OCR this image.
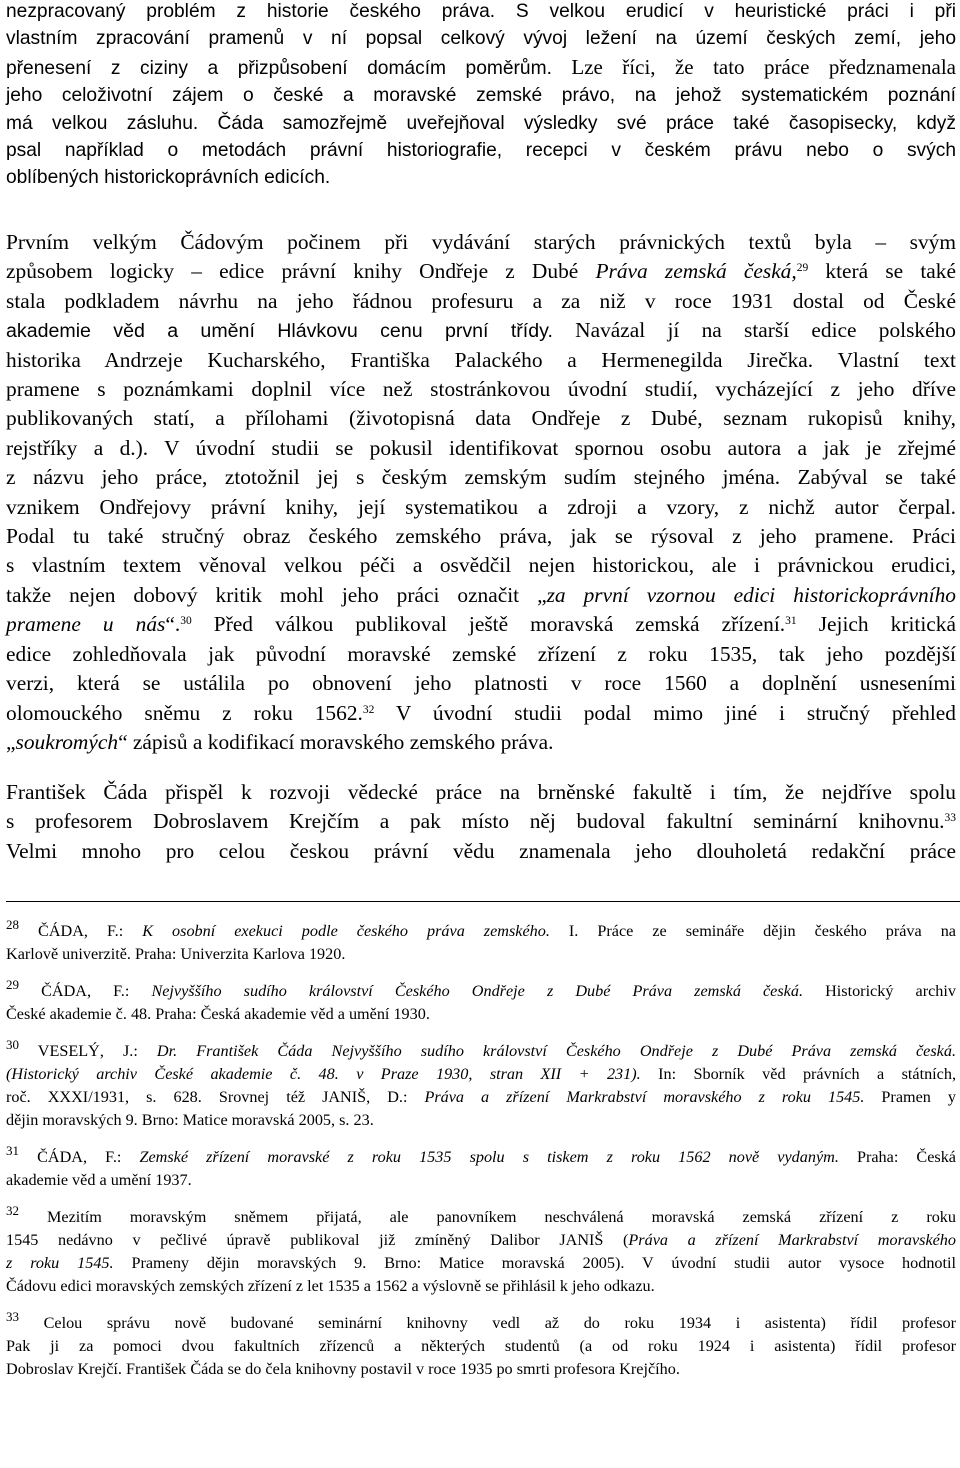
nezpracovaný problém z historie českého práva. S velkou erudicí v heuristické práci i při
vlastním zpracování pramenů v ní popsal celkový vývoj ležení na území českých zemí, jeho
přenesení z ciziny a přizpůsobení domácím poměrům. Lze říci, že tato práce předznamenala
jeho celoživotní zájem o české a moravské zemské právo, na jehož systematickém poznání
má velkou zásluhu. Čáda samozřejmě uveřejňoval výsledky své práce také časopisecky, když
psal například o metodách právní historiografie, recepci v českém právu nebo o svých
oblíbených historickoprávních edicích.
Prvním velkým Čádovým počinem při vydávání starých právnických textů byla – svým
způsobem logicky – edice právní knihy Ondřeje z Dubé Práva zemská česká,$^{29}$ která se také
stala podkladem návrhu na jeho řádnou profesuru a za niž v roce 1931 dostal od České
akademie věd a umění Hlávkovu cenu první třídy. Navázal jí na starší edice polského
historika Andrzeje Kucharského, Františka Palackého a Hermenegilda Jirečka. Vlastní text
pramene s poznámkami doplnil více než stostránkovou úvodní studií, vycházející z jeho dříve
publikovaných statí, a přílohami (životopisná data Ondřeje z Dubé, seznam rukopisů knihy,
rejstříky a d.). V úvodní studii se pokusil identifikovat spornou osobu autora a jak je zřejmé
z názvu jeho práce, ztotožnil jej s českým zemským sudím stejného jména. Zabýval se také
vznikem Ondřejovy právní knihy, její systematikou a zdroji a vzory, z nichž autor čerpal.
Podal tu také stručný obraz českého zemského práva, jak se rýsoval z jeho pramene. Práci
s vlastním textem věnoval velkou péči a osvědčil nejen historickou, ale i právnickou erudici,
takže nejen dobový kritik mohl jeho práci označit „za první vzornou edici historickoprávního
pramene u nás“.$^{30}$ Před válkou publikoval ještě moravská zemská zřízení.$^{31}$ Jejich kritická
edice zohledňovala jak původní moravské zemské zřízení z roku 1535, tak jeho pozdější
verzi, která se ustálila po obnovení jeho platnosti v roce 1560 a doplnění usneseními
olomouckého sněmu z roku 1562.32 V úvodní studii podal mimo jiné i stručný přehled
„soukromých“ zápisů a kodifikací moravského zemského práva.
František Čáda přispěl k rozvoji vědecké práce na brněnské fakultě i tím, že nejdříve spolu
s profesorem Dobroslavem Krejčím a pak místo něj budoval fakultní seminární knihovnu.$^{33}$
Velmi mnoho pro celou českou právní vědu znamenala jeho dlouholetá redakční práce
$^{28}$ ČÁDA, F.: K osobní exekuci podle českého práva zemského. I. Práce ze semináře dějin českého práva na
Karlově univerzitě. Praha: Univerzita Karlova 1920.
$^{29}$ ČÁDA, F.: Nejvyššího sudího království Českého Ondřeje z Dubé Práva zemská česká. Historický archiv
České akademie č. 48. Praha: Česká akademie věd a umění 1930.
$^{30}$ VESELÝ, J.: Dr. František Čáda Nejvyššího sudího království Českého Ondřeje z Dubé Práva zemská česká.
(Historický archiv České akademie č. 48. v Praze 1930, stran XII + 231). In: Sborník věd právních a státních,
roč. XXXI/1931, s. 628. Srovnej též JANIŠ, D.: Práva a zřízení Markrabství moravského z roku 1545. Pramen y
dějin moravských 9. Brno: Matice moravská 2005, s. 23.
$^{31}$ ČÁDA, F.: Zemské zřízení moravské z roku 1535 spolu s tiskem z roku 1562 nově vydaným. Praha: Česká
akademie věd a umění 1937.
$^{32}$ Mezitím moravským sněmem přijatá, ale panovníkem neschválená moravská zemská zřízení z roku
1545 nedávno v pečlivé úpravě publikoval již zmíněný Dalibor JANIŠ (Práva a zřízení Markrabství moravského
z roku 1545. Prameny dějin moravských 9. Brno: Matice moravská 2005). V úvodní studii autor vysoce hodnotil
Čádovu edici moravských zemských zřízení z let 1535 a 1562 a výslovně se přihlásil k jeho odkazu.
$^{33}$ Celou správu nově budované seminární knihovny vedl až do roku 1934 i asistenta) řídil profesor
Pak ji za pomoci dvou fakultních zřízenců a některých studentů (a od roku 1924 i asistenta) řídil profesor
Dobroslav Krejčí. František Čáda se do čela knihovny postavil v roce 1935 po smrti profesora Krejčího.
